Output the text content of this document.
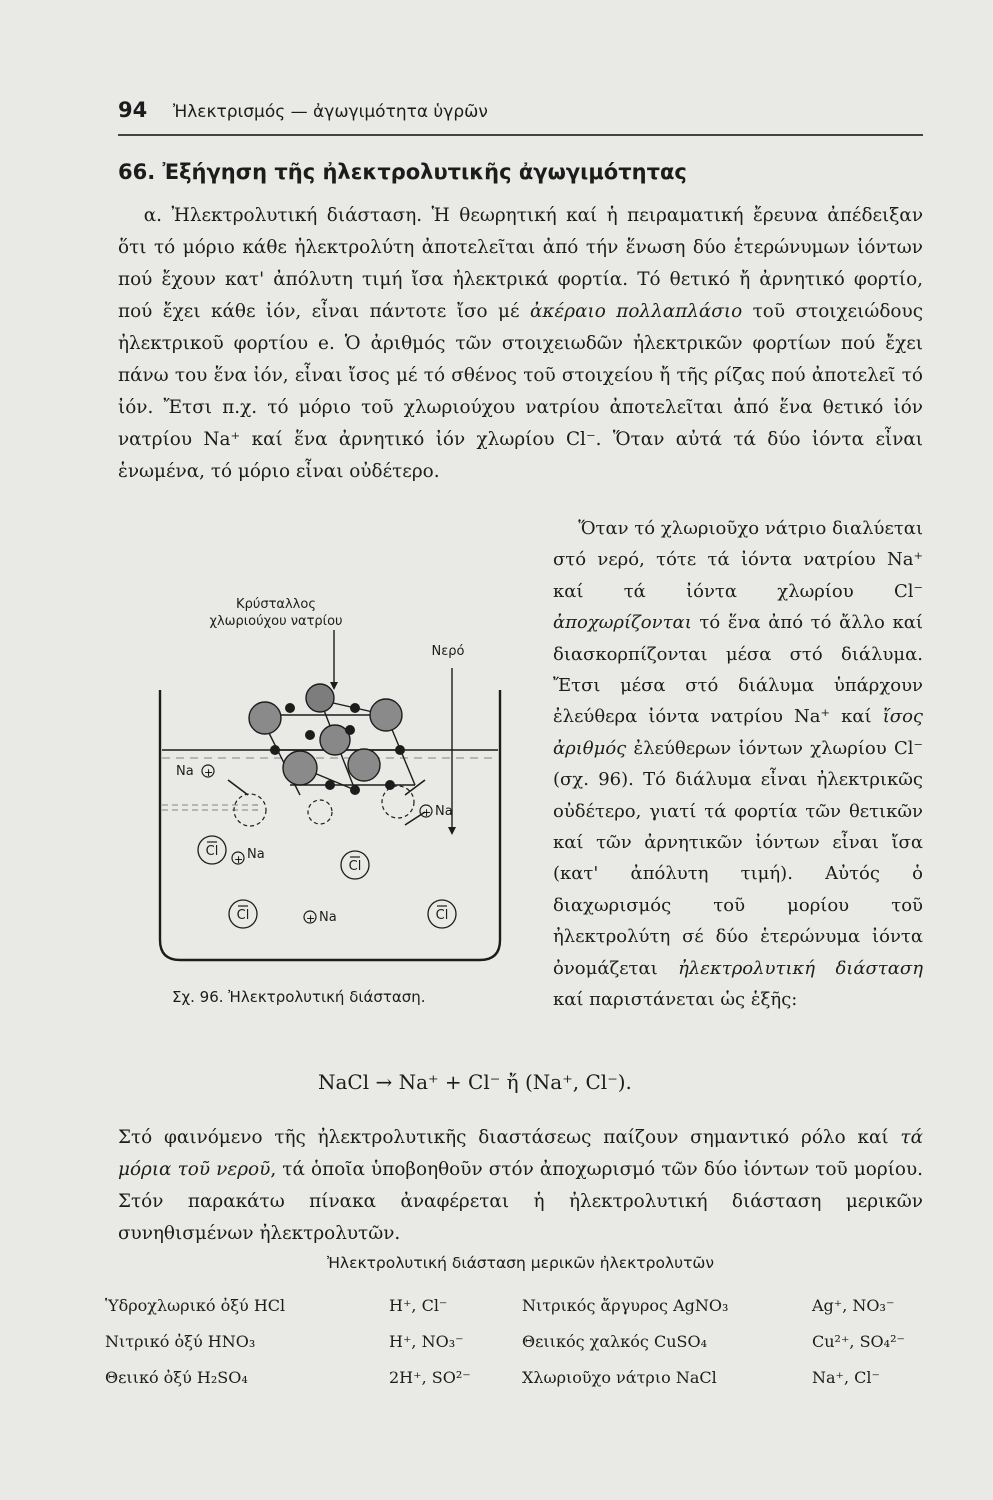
94 Ἠλεκτρισμός — ἀγωγιμότητα ὑγρῶν
66. Ἐξήγηση τῆς ἠλεκτρολυτικῆς ἀγωγιμότητας

α. Ἠλεκτρολυτική διάσταση. Ἡ θεωρητική καί ἡ πειραματική ἔρευνα ἀπέδειξαν ὅτι τό μόριο κάθε ἠλεκτρολύτη ἀποτελεῖται ἀπό τήν ἕνωση δύο ἑτερώνυμων ἰόντων πού ἔχουν κατ' ἀπόλυτη τιμή ἴσα ἠλεκτρικά φορτία. Τό θετικό ἤ ἀρνητικό φορτίο, πού ἔχει κάθε ἰόν, εἶναι πάντοτε ἴσο μέ ἀκέραιο πολλαπλάσιο τοῦ στοιχειώδους ἠλεκτρικοῦ φορτίου e. Ὁ ἀριθμός τῶν στοιχειωδῶν ἠλεκτρικῶν φορτίων πού ἔχει πάνω του ἕνα ἰόν, εἶναι ἴσος μέ τό σθένος τοῦ στοιχείου ἤ τῆς ρίζας πού ἀποτελεῖ τό ἰόν. Ἔτσι π.χ. τό μόριο τοῦ χλωριούχου νατρίου ἀποτελεῖται ἀπό ἕνα θετικό ἰόν νατρίου Na⁺ καί ἕνα ἀρνητικό ἰόν χλωρίου Cl⁻. Ὅταν αὐτά τά δύο ἰόντα εἶναι ἑνωμένα, τό μόριο εἶναι οὐδέτερο.

Κρύσταλλος
χλωριούχου νατρίου
Νερό
Na +
+ Na
+ Na
+ Na
Cl
Cl
Cl	Cl
Σχ. 96. Ἠλεκτρολυτική διάσταση.

Ὅταν τό χλωριοῦχο νάτριο διαλύεται στό νερό, τότε τά ἰόντα νατρίου Na⁺ καί τά ἰόντα χλωρίου Cl⁻ ἀποχωρίζονται τό ἕνα ἀπό τό ἄλλο καί διασκορπίζονται μέσα στό διάλυμα. Ἔτσι μέσα στό διάλυμα ὑπάρχουν ἐλεύθερα ἰόντα νατρίου Na⁺ καί ἴσος ἀριθμός ἐλεύθερων ἰόντων χλωρίου Cl⁻ (σχ. 96). Τό διάλυμα εἶναι ἠλεκτρικῶς οὐδέτερο, γιατί τά φορτία τῶν θετικῶν καί τῶν ἀρνητικῶν ἰόντων εἶναι ἴσα (κατ' ἀπόλυτη τιμή). Αὐτός ὁ διαχωρισμός τοῦ μορίου τοῦ ἠλεκτρολύτη σέ δύο ἑτερώνυμα ἰόντα ὀνομάζεται ἠλεκτρολυτική διάσταση καί παριστάνεται ὡς ἑξῆς:

NaCl → Na⁺ + Cl⁻ ἤ (Na⁺, Cl⁻).

Στό φαινόμενο τῆς ἠλεκτρολυτικῆς διαστάσεως παίζουν σημαντικό ρόλο καί τά μόρια τοῦ νεροῦ, τά ὁποῖα ὑποβοηθοῦν στόν ἀποχωρισμό τῶν δύο ἰόντων τοῦ μορίου. Στόν παρακάτω πίνακα ἀναφέρεται ἡ ἠλεκτρολυτική διάσταση μερικῶν συνηθισμένων ἠλεκτρολυτῶν.

Ἠλεκτρολυτική διάσταση μερικῶν ἠλεκτρολυτῶν
Ὑδροχλωρικό ὀξύ HCl	H⁺, Cl⁻	Νιτρικός ἄργυρος AgNO₃	Ag⁺, NO₃⁻
Νιτρικό ὀξύ HNO₃	H⁺, NO₃⁻	Θειικός χαλκός CuSO₄	Cu²⁺, SO₄²⁻
Θειικό ὀξύ H₂SO₄	2H⁺, SO²⁻	Χλωριοῦχο νάτριο NaCl	Na⁺, Cl⁻
